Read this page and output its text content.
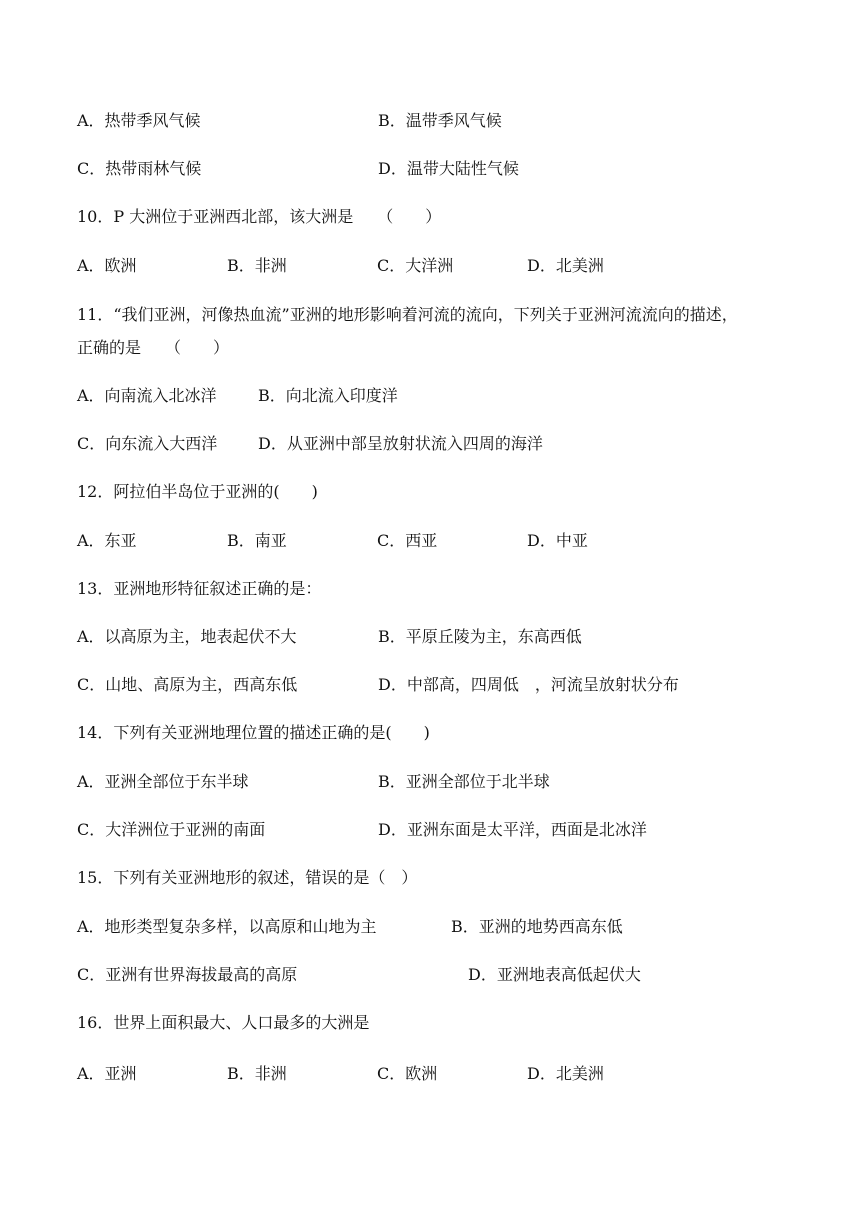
A．热带季风气候	B．温带季风气候
C．热带雨林气候	D．温带大陆性气候
10．P 大洲位于亚洲西北部，该大洲是　　（　　）
A．欧洲	B．非洲	C．大洋洲	D．北美洲
11．“我们亚洲，河像热血流”亚洲的地形影响着河流的流向，下列关于亚洲河流流向的描述，
正确的是　　（　　）
A．向南流入北冰洋	B．向北流入印度洋
C．向东流入大西洋	D．从亚洲中部呈放射状流入四周的海洋
12．阿拉伯半岛位于亚洲的(　　)
A．东亚	B．南亚	C．西亚	D．中亚
13．亚洲地形特征叙述正确的是：
A．以高原为主，地表起伏不大	B．平原丘陵为主，东高西低
C．山地、高原为主，西高东低	D．中部高，四周低　，河流呈放射状分布
14．下列有关亚洲地理位置的描述正确的是(　　)
A．亚洲全部位于东半球	B．亚洲全部位于北半球
C．大洋洲位于亚洲的南面	D．亚洲东面是太平洋，西面是北冰洋
15．下列有关亚洲地形的叙述，错误的是（　）
A．地形类型复杂多样，以高原和山地为主	B．亚洲的地势西高东低
C．亚洲有世界海拔最高的高原	D．亚洲地表高低起伏大
16．世界上面积最大、人口最多的大洲是
A．亚洲	B．非洲	C．欧洲	D．北美洲
